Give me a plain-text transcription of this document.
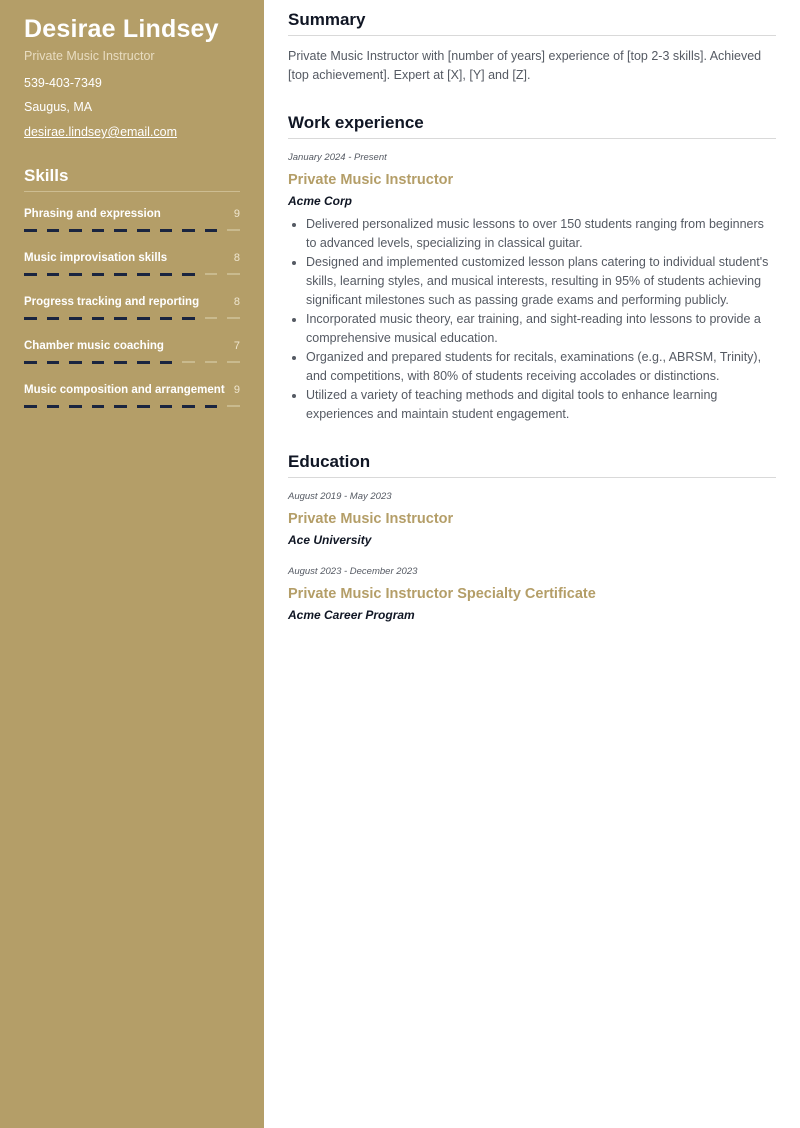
Desirae Lindsey
Private Music Instructor
539-403-7349
Saugus, MA
desirae.lindsey@email.com
Skills
Phrasing and expression	9
Music improvisation skills	8
Progress tracking and reporting	8
Chamber music coaching	7
Music composition and arrangement 9
Summary

Private Music Instructor with [number of years] experience of [top 2-3 skills]. Achieved [top achievement]. Expert at [X], [Y] and [Z].

Work experience
January 2024 - Present
Private Music Instructor
Acme Corp
• Delivered personalized music lessons to over 150 students ranging from beginners to advanced levels, specializing in classical guitar.
• Designed and implemented customized lesson plans catering to individual student's skills, learning styles, and musical interests, resulting in 95% of students achieving significant milestones such as passing grade exams and performing publicly.
• Incorporated music theory, ear training, and sight-reading into lessons to provide a comprehensive musical education.
• Organized and prepared students for recitals, examinations (e.g., ABRSM, Trinity), and competitions, with 80% of students receiving accolades or distinctions.
• Utilized a variety of teaching methods and digital tools to enhance learning experiences and maintain student engagement.
Education
August 2019 - May 2023
Private Music Instructor
Ace University
August 2023 - December 2023
Private Music Instructor Specialty Certificate
Acme Career Program
